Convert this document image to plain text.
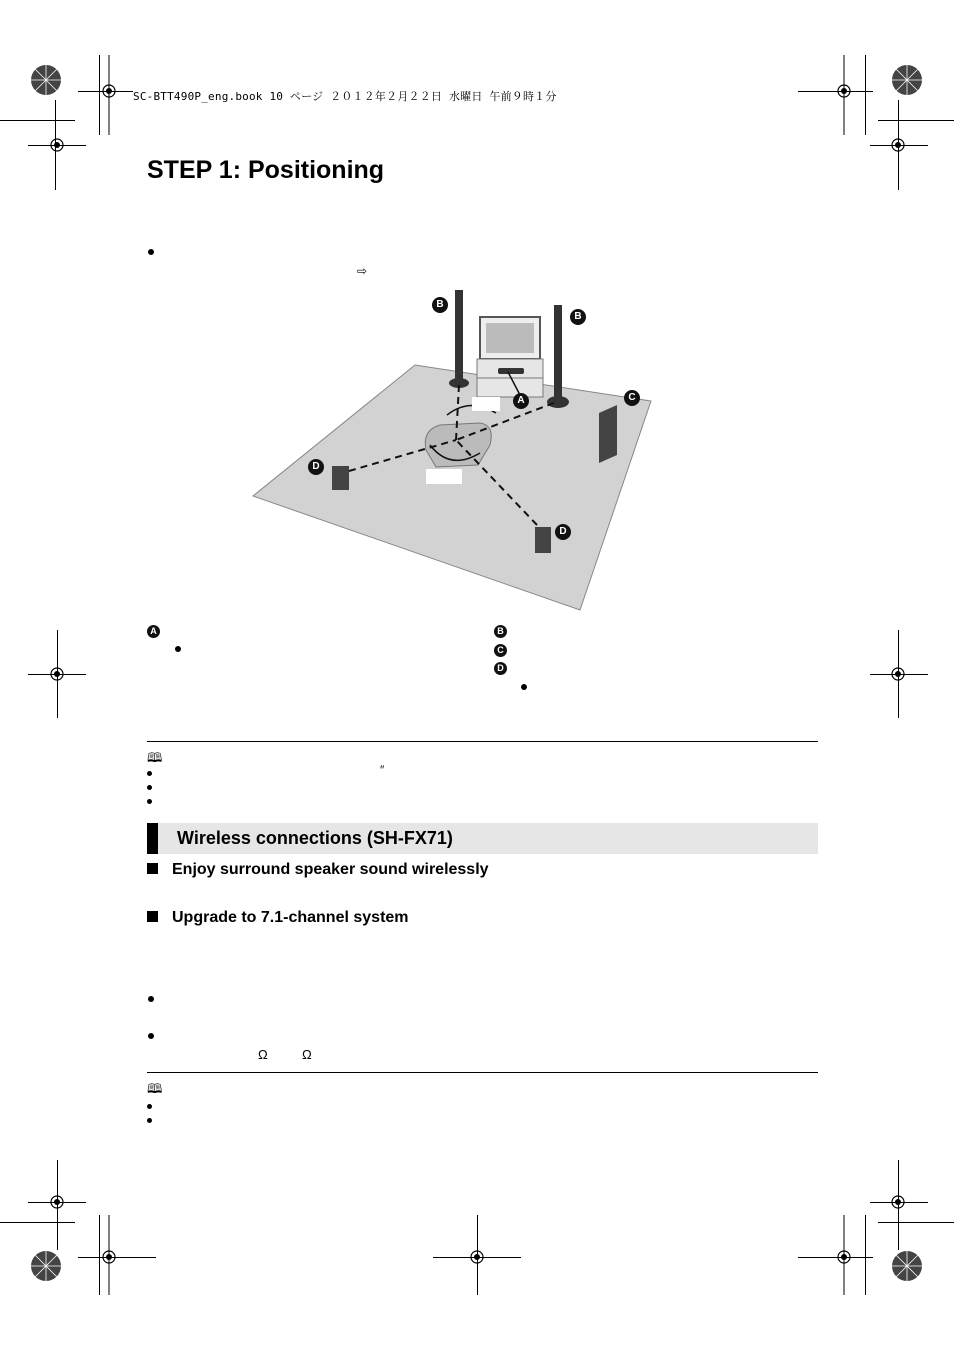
SC-BTT490P_eng.book 10 ページ ２０１２年２月２２日 水曜日 午前９時１分
STEP 1: Positioning
⇨
B
B
A	C
D
D
A	B
C
D
🕮
″
Wireless connections (SH-FX71)
Enjoy surround speaker sound wirelessly
Upgrade to 7.1-channel system
Ω	Ω
🕮
